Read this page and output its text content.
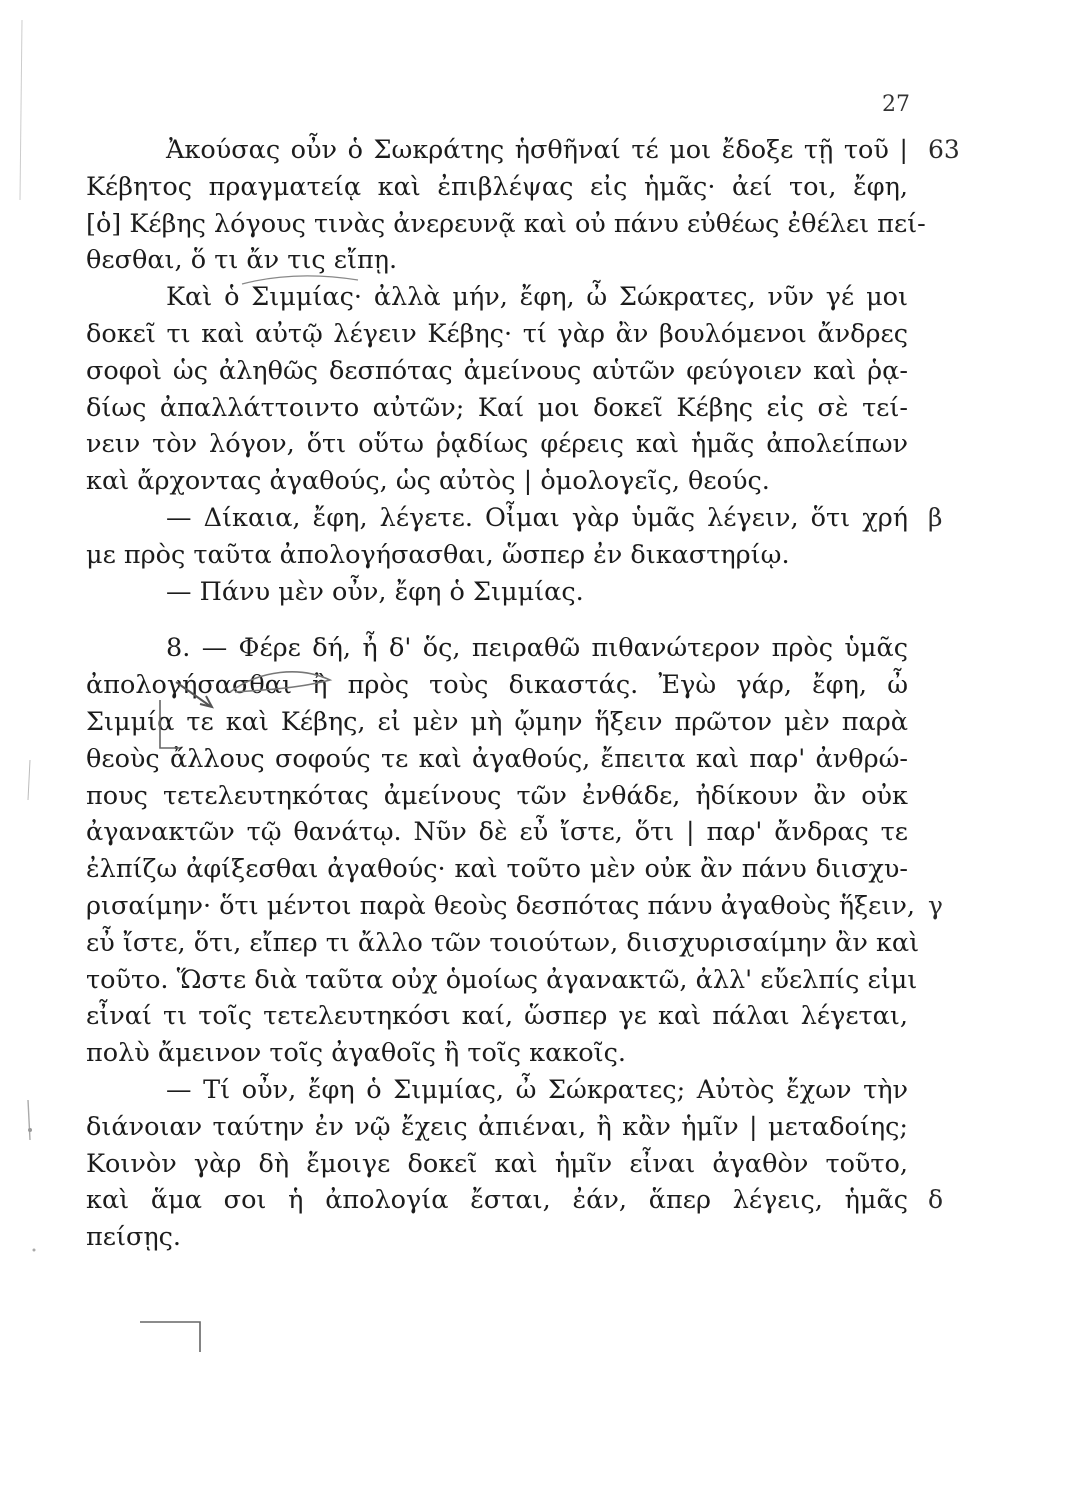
27
Ἀκούσας οὖν ὁ Σωκράτης ἡσθῆναί τέ μοι ἔδοξε τῇ τοῦ |
Κέβητος πραγματείᾳ καὶ ἐπιβλέψας εἰς ἡμᾶς· ἀεί τοι, ἔφη,
[ὁ] Κέβης λόγους τινὰς ἀνερευνᾷ καὶ οὐ πάνυ εὐθέως ἐθέλει πεί-
θεσθαι, ὅ τι ἄν τις εἴπῃ.
Καὶ ὁ Σιμμίας· ἀλλὰ μήν, ἔφη, ὦ Σώκρατες, νῦν γέ μοι
δοκεῖ τι καὶ αὐτῷ λέγειν Κέβης· τί γὰρ ἂν βουλόμενοι ἄνδρες
σοφοὶ ὡς ἀληθῶς δεσπότας ἀμείνους αὑτῶν φεύγοιεν καὶ ῥᾳ-
δίως ἀπαλλάττοιντο αὐτῶν; Καί μοι δοκεῖ Κέβης εἰς σὲ τεί-
νειν τὸν λόγον, ὅτι οὕτω ῥᾳδίως φέρεις καὶ ἡμᾶς ἀπολείπων
καὶ ἄρχοντας ἀγαθούς, ὡς αὐτὸς | ὁμολογεῖς, θεούς.
— Δίκαια, ἔφη, λέγετε. Οἶμαι γὰρ ὑμᾶς λέγειν, ὅτι χρή
με πρὸς ταῦτα ἀπολογήσασθαι, ὥσπερ ἐν δικαστηρίῳ.
— Πάνυ μὲν οὖν, ἔφη ὁ Σιμμίας.
8. — Φέρε δή, ἦ δ' ὅς, πειραθῶ πιθανώτερον πρὸς ὑμᾶς
ἀπολογήσασθαι ἢ πρὸς τοὺς δικαστάς. Ἐγὼ γάρ, ἔφη, ὦ
Σιμμία τε καὶ Κέβης, εἰ μὲν μὴ ᾤμην ἥξειν πρῶτον μὲν παρὰ
θεοὺς ἄλλους σοφούς τε καὶ ἀγαθούς, ἔπειτα καὶ παρ' ἀνθρώ-
πους τετελευτηκότας ἀμείνους τῶν ἐνθάδε, ἠδίκουν ἂν οὐκ
ἀγανακτῶν τῷ θανάτῳ. Νῦν δὲ εὖ ἴστε, ὅτι | παρ' ἄνδρας τε
ἐλπίζω ἀφίξεσθαι ἀγαθούς· καὶ τοῦτο μὲν οὐκ ἂν πάνυ διισχυ-
ρισαίμην· ὅτι μέντοι παρὰ θεοὺς δεσπότας πάνυ ἀγαθοὺς ἥξειν,
εὖ ἴστε, ὅτι, εἴπερ τι ἄλλο τῶν τοιούτων, διισχυρισαίμην ἂν καὶ
τοῦτο. Ὥστε διὰ ταῦτα οὐχ ὁμοίως ἀγανακτῶ, ἀλλ' εὔελπίς εἰμι
εἶναί τι τοῖς τετελευτηκόσι καί, ὥσπερ γε καὶ πάλαι λέγεται,
πολὺ ἄμεινον τοῖς ἀγαθοῖς ἢ τοῖς κακοῖς.
— Τί οὖν, ἔφη ὁ Σιμμίας, ὦ Σώκρατες; Αὐτὸς ἔχων τὴν
διάνοιαν ταύτην ἐν νῷ ἔχεις ἀπιέναι, ἢ κἂν ἡμῖν | μεταδοίης;
Κοινὸν γὰρ δὴ ἔμοιγε δοκεῖ καὶ ἡμῖν εἶναι ἀγαθὸν τοῦτο,
καὶ ἅμα σοι ἡ ἀπολογία ἔσται, ἐάν, ἅπερ λέγεις, ἡμᾶς
πείσῃς.
63
β
γ
δ
